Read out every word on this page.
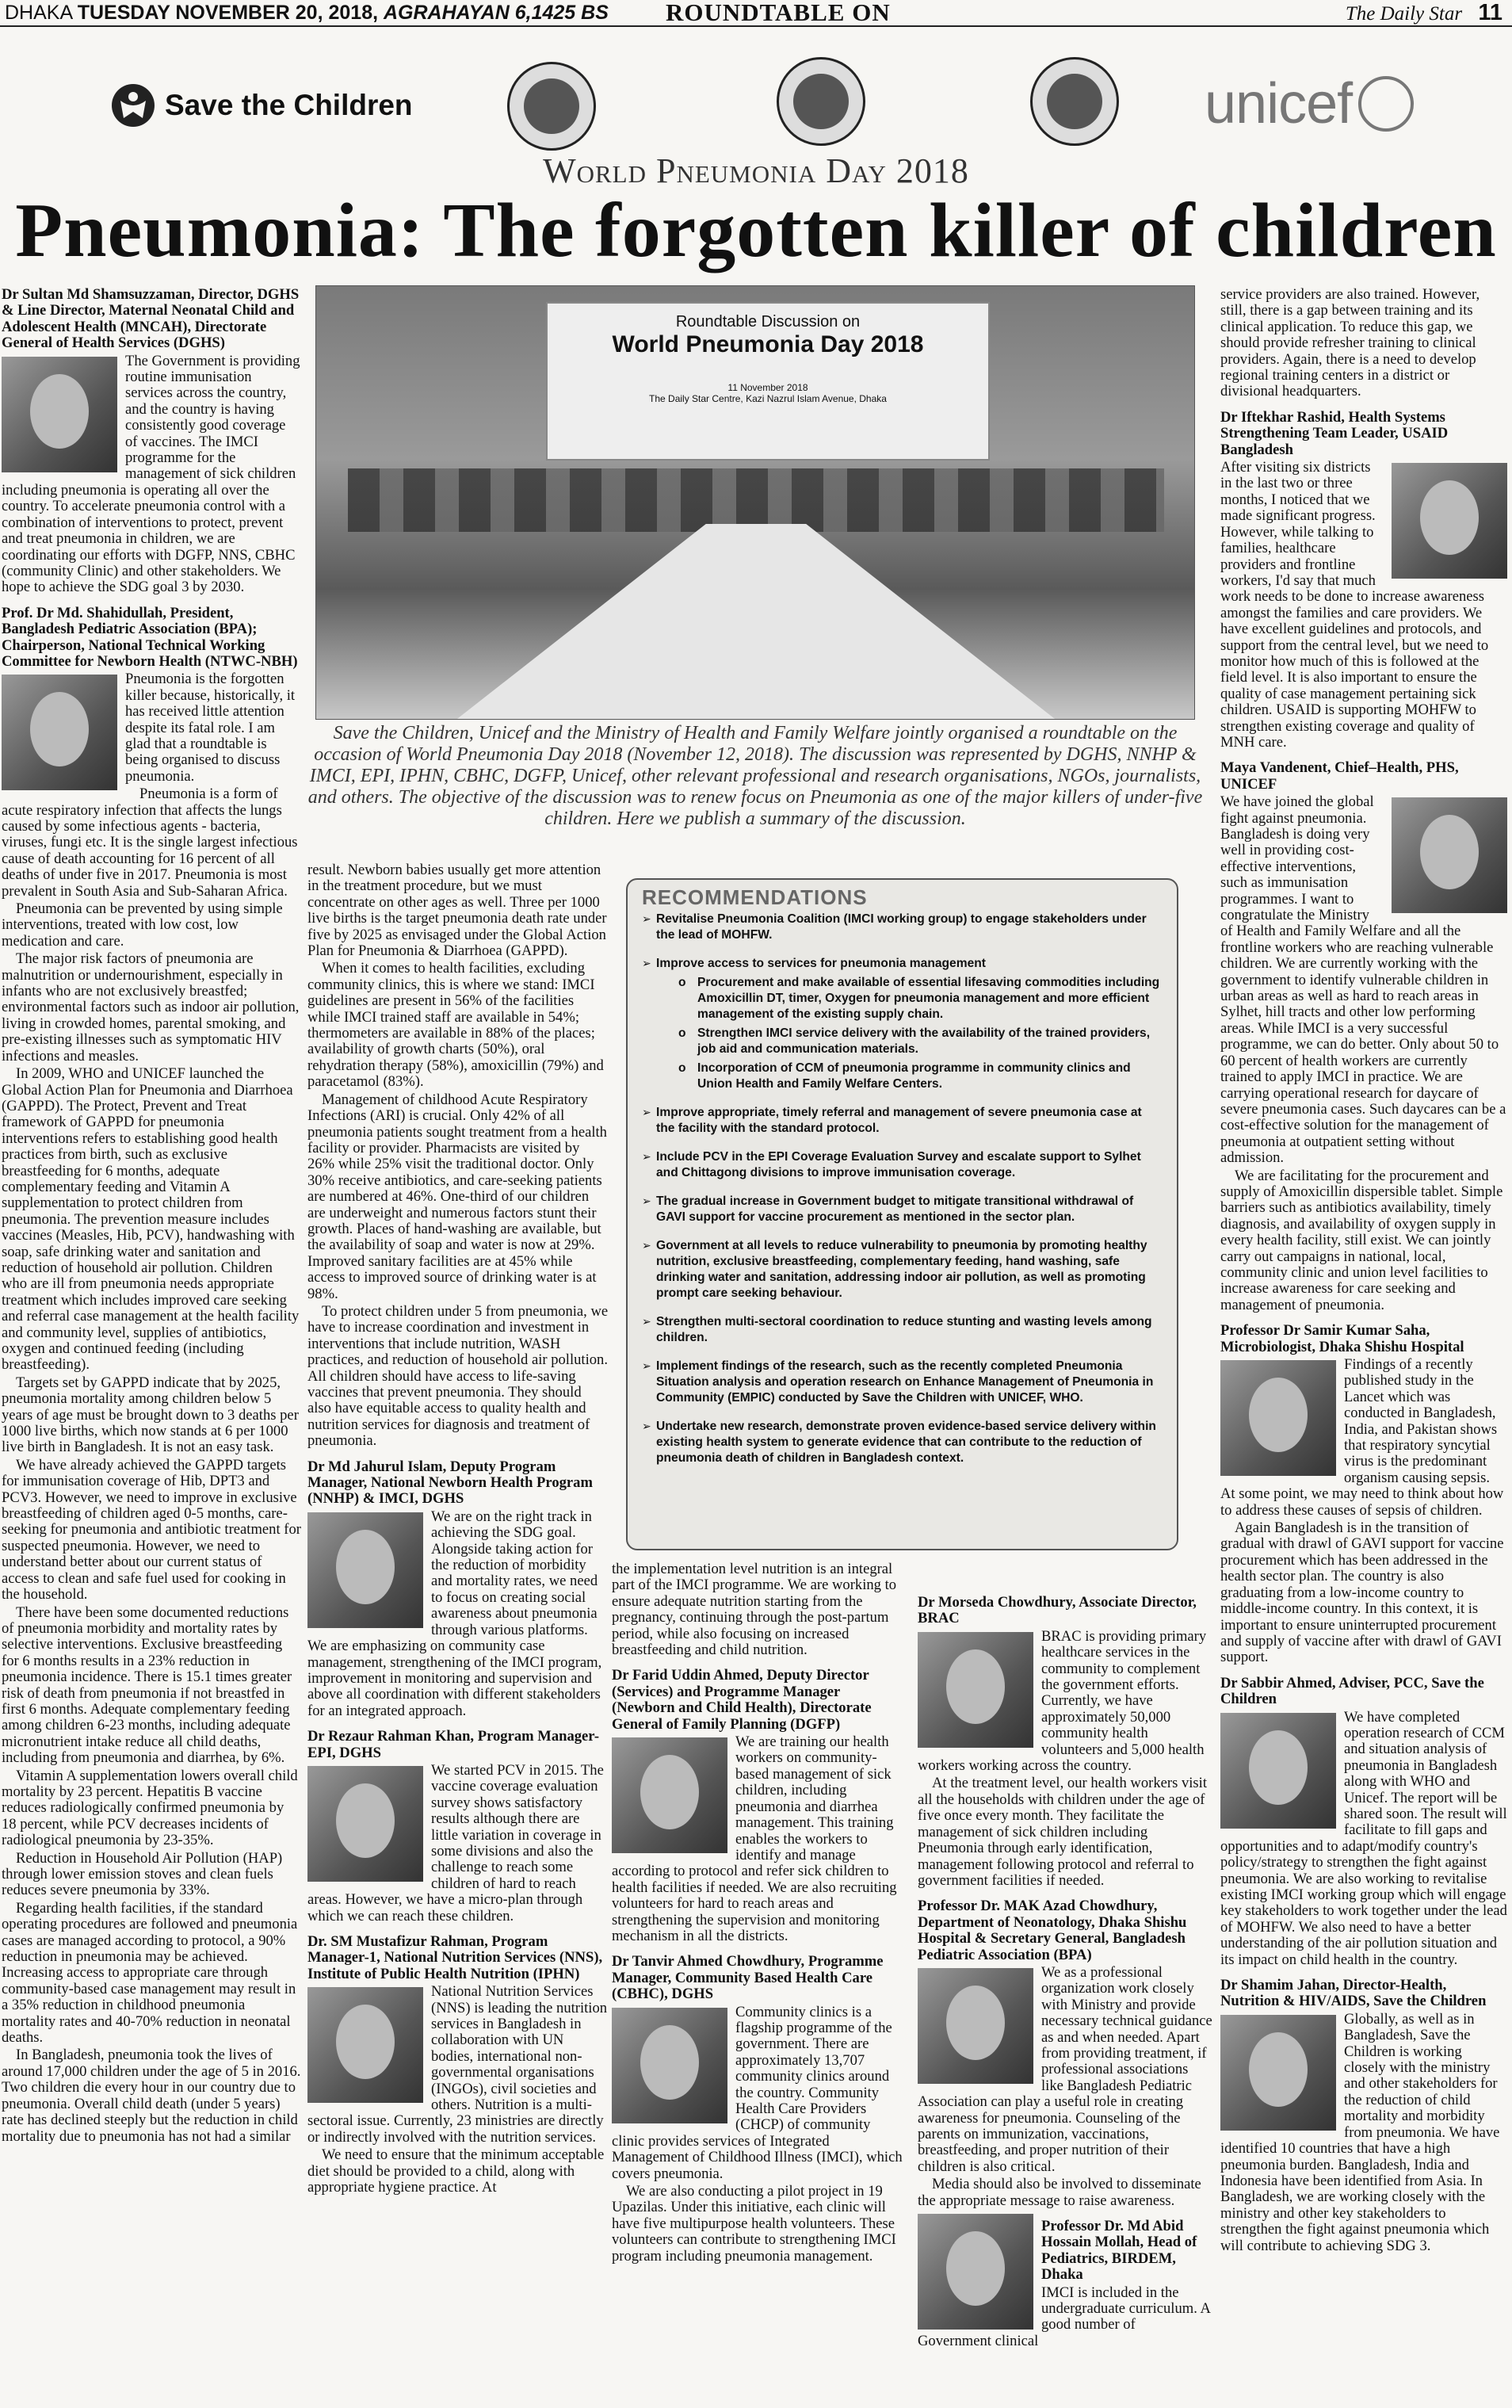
DHAKA TUESDAY NOVEMBER 20, 2018, AGRAHAYAN 6,1425 BS ROUNDTABLE ON	The Daily Star 11
Save the Children	unicef
World Pneumonia Day 2018
Pneumonia: The forgotten killer of children

Dr Sultan Md Shamsuzzaman, Director, DGHS & Line Director, Maternal Neonatal Child and Adolescent Health (MNCAH), Directorate General of Health Services (DGHS)

The Government is providing routine immunisation services across the country, and the country is having consistently good coverage of vaccines. The IMCI programme for the management of sick children including pneumonia is operating all over the country. To accelerate pneumonia control with a combination of interventions to protect, prevent and treat pneumonia in children, we are coordinating our efforts with DGFP, NNS, CBHC (community Clinic) and other stakeholders. We hope to achieve the SDG goal 3 by 2030.

Prof. Dr Md. Shahidullah, President, Bangladesh Pediatric Association (BPA); Chairperson, National Technical Working Committee for Newborn Health (NTWC-NBH)

Pneumonia is the forgotten killer because, historically, it has received little attention despite its fatal role. I am glad that a roundtable is being organised to discuss pneumonia.

Pneumonia is a form of acute respiratory infection that affects the lungs caused by some infectious agents - bacteria, viruses, fungi etc. It is the single largest infectious cause of death accounting for 16 percent of all deaths of under five in 2017. Pneumonia is most prevalent in South Asia and Sub-Saharan Africa.

Pneumonia can be prevented by using simple interventions, treated with low cost, low medication and care.

The major risk factors of pneumonia are malnutrition or undernourishment, especially in infants who are not exclusively breastfed; environmental factors such as indoor air pollution, living in crowded homes, parental smoking, and pre-existing illnesses such as symptomatic HIV infections and measles.

In 2009, WHO and UNICEF launched the Global Action Plan for Pneumonia and Diarrhoea (GAPPD). The Protect, Prevent and Treat framework of GAPPD for pneumonia interventions refers to establishing good health practices from birth, such as exclusive breastfeeding for 6 months, adequate complementary feeding and Vitamin A supplementation to protect children from pneumonia. The prevention measure includes vaccines (Measles, Hib, PCV), handwashing with soap, safe drinking water and sanitation and reduction of household air pollution. Children who are ill from pneumonia needs appropriate treatment which includes improved care seeking and referral case management at the health facility and community level, supplies of antibiotics, oxygen and continued feeding (including breastfeeding).

Targets set by GAPPD indicate that by 2025, pneumonia mortality among children below 5 years of age must be brought down to 3 deaths per 1000 live births, which now stands at 6 per 1000 live birth in Bangladesh. It is not an easy task.

We have already achieved the GAPPD targets for immunisation coverage of Hib, DPT3 and PCV3. However, we need to improve in exclusive breastfeeding of children aged 0-5 months, care-seeking for pneumonia and antibiotic treatment for suspected pneumonia. However, we need to understand better about our current status of access to clean and safe fuel used for cooking in the household.

There have been some documented reductions of pneumonia morbidity and mortality rates by selective interventions. Exclusive breastfeeding for 6 months results in a 23% reduction in pneumonia incidence. There is 15.1 times greater risk of death from pneumonia if not breastfed in first 6 months. Adequate complementary feeding among children 6-23 months, including adequate micronutrient intake reduce all child deaths, including from pneumonia and diarrhea, by 6%.

Vitamin A supplementation lowers overall child mortality by 23 percent. Hepatitis B vaccine reduces radiologically confirmed pneumonia by 18 percent, while PCV decreases incidents of radiological pneumonia by 23-35%.

Reduction in Household Air Pollution (HAP) through lower emission stoves and clean fuels reduces severe pneumonia by 33%.

Regarding health facilities, if the standard operating procedures are followed and pneumonia cases are managed according to protocol, a 90% reduction in pneumonia may be achieved. Increasing access to appropriate care through community-based case management may result in a 35% reduction in childhood pneumonia mortality rates and 40-70% reduction in neonatal deaths.

In Bangladesh, pneumonia took the lives of around 17,000 children under the age of 5 in 2016. Two children die every hour in our country due to pneumonia. Overall child death (under 5 years) rate has declined steeply but the reduction in child mortality due to pneumonia has not had a similar

Roundtable Discussion on
World Pneumonia Day 2018
11 November 2018
The Daily Star Centre, Kazi Nazrul Islam Avenue, Dhaka
Save the Children, Unicef and the Ministry of Health and Family Welfare jointly organised a roundtable on the occasion of World Pneumonia Day 2018 (November 12, 2018). The discussion was represented by DGHS, NNHP & IMCI, EPI, IPHN, CBHC, DGFP, Unicef, other relevant professional and research organisations, NGOs, journalists, and others. The objective of the discussion was to renew focus on Pneumonia as one of the major killers of under-five children. Here we publish a summary of the discussion.

result. Newborn babies usually get more attention in the treatment procedure, but we must concentrate on other ages as well. Three per 1000 live births is the target pneumonia death rate under five by 2025 as envisaged under the Global Action Plan for Pneumonia & Diarrhoea (GAPPD).

When it comes to health facilities, excluding community clinics, this is where we stand: IMCI guidelines are present in 56% of the facilities while IMCI trained staff are available in 54%; thermometers are available in 88% of the places; availability of growth charts (50%), oral rehydration therapy (58%), amoxicillin (79%) and paracetamol (83%).

Management of childhood Acute Respiratory Infections (ARI) is crucial. Only 42% of all pneumonia patients sought treatment from a health facility or provider. Pharmacists are visited by 26% while 25% visit the traditional doctor. Only 30% receive antibiotics, and care-seeking patients are numbered at 46%. One-third of our children are underweight and numerous factors stunt their growth. Places of hand-washing are available, but the availability of soap and water is now at 29%. Improved sanitary facilities are at 45% while access to improved source of drinking water is at 98%.

To protect children under 5 from pneumonia, we have to increase coordination and investment in interventions that include nutrition, WASH practices, and reduction of household air pollution. All children should have access to life-saving vaccines that prevent pneumonia. They should also have equitable access to quality health and nutrition services for diagnosis and treatment of pneumonia.

Dr Md Jahurul Islam, Deputy Program Manager, National Newborn Health Program (NNHP) & IMCI, DGHS

We are on the right track in achieving the SDG goal. Alongside taking action for the reduction of morbidity and mortality rates, we need to focus on creating social awareness about pneumonia through various platforms. We are emphasizing on community case management, strengthening of the IMCI program, improvement in monitoring and supervision and above all coordination with different stakeholders for an integrated approach.

Dr Rezaur Rahman Khan, Program Manager-EPI, DGHS

We started PCV in 2015. The vaccine coverage evaluation survey shows satisfactory results although there are little variation in coverage in some divisions and also the challenge to reach some children of hard to reach areas. However, we have a micro-plan through which we can reach these children.

Dr. SM Mustafizur Rahman, Program Manager-1, National Nutrition Services (NNS), Institute of Public Health Nutrition (IPHN)

National Nutrition Services (NNS) is leading the nutrition services in Bangladesh in collaboration with UN bodies, international non-governmental organisations (INGOs), civil societies and others. Nutrition is a multi-sectoral issue. Currently, 23 ministries are directly or indirectly involved with the nutrition services.

We need to ensure that the minimum acceptable diet should be provided to a child, along with appropriate hygiene practice. At

RECOMMENDATIONS
➢ Revitalise Pneumonia Coalition (IMCI working group) to engage stakeholders under the lead of MOHFW.
➢ Improve access to services for pneumonia management
o Procurement and make available of essential lifesaving commodities including Amoxicillin DT, timer, Oxygen for pneumonia management and more efficient management of the existing supply chain.
o Strengthen IMCI service delivery with the availability of the trained providers, job aid and communication materials.
o Incorporation of CCM of pneumonia programme in community clinics and Union Health and Family Welfare Centers.
➢ Improve appropriate, timely referral and management of severe pneumonia case at the facility with the standard protocol.
➢ Include PCV in the EPI Coverage Evaluation Survey and escalate support to Sylhet and Chittagong divisions to improve immunisation coverage.
➢ The gradual increase in Government budget to mitigate transitional withdrawal of GAVI support for vaccine procurement as mentioned in the sector plan.
➢ Government at all levels to reduce vulnerability to pneumonia by promoting healthy nutrition, exclusive breastfeeding, complementary feeding, hand washing, safe drinking water and sanitation, addressing indoor air pollution, as well as promoting prompt care seeking behaviour.
➢ Strengthen multi-sectoral coordination to reduce stunting and wasting levels among children.
➢ Implement findings of the research, such as the recently completed Pneumonia Situation analysis and operation research on Enhance Management of Pneumonia in Community (EMPIC) conducted by Save the Children with UNICEF, WHO.
➢ Undertake new research, demonstrate proven evidence-based service delivery within existing health system to generate evidence that can contribute to the reduction of pneumonia death of children in Bangladesh context.

the implementation level nutrition is an integral part of the IMCI programme. We are working to ensure adequate nutrition starting from the pregnancy, continuing through the post-partum period, while also focusing on increased breastfeeding and child nutrition.

Dr Farid Uddin Ahmed, Deputy Director (Services) and Programme Manager (Newborn and Child Health), Directorate General of Family Planning (DGFP)

We are training our health workers on community-based management of sick children, including pneumonia and diarrhea management. This training enables the workers to identify and manage according to protocol and refer sick children to health facilities if needed. We are also recruiting volunteers for hard to reach areas and strengthening the supervision and monitoring mechanism in all the districts.

Dr Tanvir Ahmed Chowdhury, Programme Manager, Community Based Health Care (CBHC), DGHS

Community clinics is a flagship programme of the government. There are approximately 13,707 community clinics around the country. Community Health Care Providers (CHCP) of community clinic provides services of Integrated Management of Childhood Illness (IMCI), which covers pneumonia.

We are also conducting a pilot project in 19 Upazilas. Under this initiative, each clinic will have five multipurpose health volunteers. These volunteers can contribute to strengthening IMCI program including pneumonia management.

Dr Morseda Chowdhury, Associate Director, BRAC

BRAC is providing primary healthcare services in the community to complement the government efforts. Currently, we have approximately 50,000 community health volunteers and 5,000 health workers working across the country.

At the treatment level, our health workers visit all the households with children under the age of five once every month. They facilitate the management of sick children including Pneumonia through early identification, management following protocol and referral to government facilities if needed.

Professor Dr. MAK Azad Chowdhury, Department of Neonatology, Dhaka Shishu Hospital & Secretary General, Bangladesh Pediatric Association (BPA)

We as a professional organization work closely with Ministry and provide necessary technical guidance as and when needed. Apart from providing treatment, if professional associations like Bangladesh Pediatric Association can play a useful role in creating awareness for pneumonia. Counseling of the parents on immunization, vaccinations, breastfeeding, and proper nutrition of their children is also critical.

Media should also be involved to disseminate the appropriate message to raise awareness.

Professor Dr. Md Abid Hossain Mollah, Head of Pediatrics, BIRDEM, Dhaka

IMCI is included in the undergraduate curriculum. A good number of Government clinical

service providers are also trained. However, still, there is a gap between training and its clinical application. To reduce this gap, we should provide refresher training to clinical providers. Again, there is a need to develop regional training centers in a district or divisional headquarters.

Dr Iftekhar Rashid, Health Systems Strengthening Team Leader, USAID Bangladesh

After visiting six districts in the last two or three months, I noticed that we made significant progress. However, while talking to families, healthcare providers and frontline workers, I'd say that much work needs to be done to increase awareness amongst the families and care providers. We have excellent guidelines and protocols, and support from the central level, but we need to monitor how much of this is followed at the field level. It is also important to ensure the quality of case management pertaining sick children. USAID is supporting MOHFW to strengthen existing coverage and quality of MNH care.

Maya Vandenent, Chief–Health, PHS, UNICEF

We have joined the global fight against pneumonia. Bangladesh is doing very well in providing cost-effective interventions, such as immunisation programmes. I want to congratulate the Ministry of Health and Family Welfare and all the frontline workers who are reaching vulnerable children. We are currently working with the government to identify vulnerable children in urban areas as well as hard to reach areas in Sylhet, hill tracts and other low performing areas. While IMCI is a very successful programme, we can do better. Only about 50 to 60 percent of health workers are currently trained to apply IMCI in practice. We are carrying operational research for daycare of severe pneumonia cases. Such daycares can be a cost-effective solution for the management of pneumonia at outpatient setting without admission.

We are facilitating for the procurement and supply of Amoxicillin dispersible tablet. Simple barriers such as antibiotics availability, timely diagnosis, and availability of oxygen supply in every health facility, still exist. We can jointly carry out campaigns in national, local, community clinic and union level facilities to increase awareness for care seeking and management of pneumonia.

Professor Dr Samir Kumar Saha, Microbiologist, Dhaka Shishu Hospital

Findings of a recently published study in the Lancet which was conducted in Bangladesh, India, and Pakistan shows that respiratory syncytial virus is the predominant organism causing sepsis. At some point, we may need to think about how to address these causes of sepsis of children.

Again Bangladesh is in the transition of gradual with drawl of GAVI support for vaccine procurement which has been addressed in the health sector plan. The country is also graduating from a low-income country to middle-income country. In this context, it is important to ensure uninterrupted procurement and supply of vaccine after with drawl of GAVI support.

Dr Sabbir Ahmed, Adviser, PCC, Save the Children

We have completed operation research of CCM and situation analysis of pneumonia in Bangladesh along with WHO and Unicef. The report will be shared soon. The result will facilitate to fill gaps and opportunities and to adapt/modify country's policy/strategy to strengthen the fight against pneumonia. We are also working to revitalise existing IMCI working group which will engage key stakeholders to work together under the lead of MOHFW. We also need to have a better understanding of the air pollution situation and its impact on child health in the country.

Dr Shamim Jahan, Director-Health, Nutrition & HIV/AIDS, Save the Children

Globally, as well as in Bangladesh, Save the Children is working closely with the ministry and other stakeholders for the reduction of child mortality and morbidity from pneumonia. We have identified 10 countries that have a high pneumonia burden. Bangladesh, India and Indonesia have been identified from Asia. In Bangladesh, we are working closely with the ministry and other key stakeholders to strengthen the fight against pneumonia which will contribute to achieving SDG 3.
